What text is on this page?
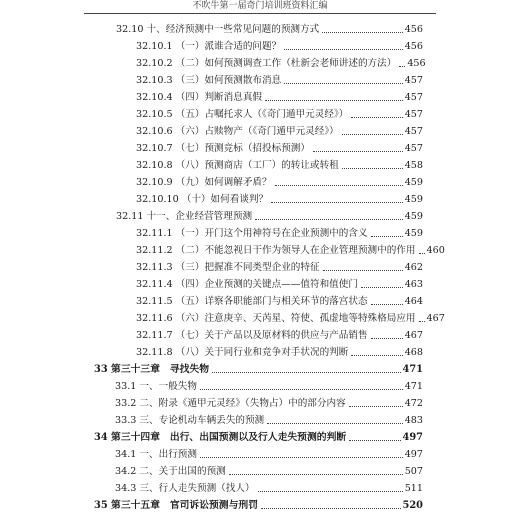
不吹牛第一届奇门培训班资料汇编
32.10 十、经济预测中一些常见问题的预测方式	456
32.10.1 （一）派谁合适的问题？	456
32.10.2 （二）如何预测调查工作（杜新会老师讲述的方法） 456
32.10.3 （三）如何预测散布消息	457
32.10.4 （四）判断消息真假	457
32.10.5 （五）占嘱托求人（《奇门遁甲元灵经》）	457
32.10.6 （六）占赎物产（《奇门遁甲元灵经》）	457
32.10.7 （七）预测竞标（招投标预测）	457
32.10.8 （八）预测商店（工厂）的转让或转租	458
32.10.9 （九）如何调解矛盾？	459
32.10.10 （十）如何看谈判？	459
32.11 十一、企业经营管理预测	459
32.11.1 （一）开门这个用神符号在企业预测中的含义	459
32.11.2 （二）不能忽视日干作为领导人在企业管理预测中的作用 460
32.11.3 （三）把握准不同类型企业的特征	462
32.11.4 （四）企业预测的关键点——值符和值使门	463
32.11.5 （五）详察各职能部门与相关环节的落宫状态	464
32.11.6 （六）注意庚辛、天芮星、符使、孤虚地等特殊格局应用 467
32.11.7 （七）关于产品以及原材料的供应与产品销售	467
32.11.8 （八）关于同行业和竞争对手状况的判断	468
33 第三十三章　寻找失物	471
33.1 一、一般失物	471
33.2 二、附录《遁甲元灵经》（失物占）中的部分内容	472
33.3 三、专论机动车辆丢失的预测	483
34 第三十四章　出行、出国预测以及行人走失预测的判断	497
34.1 一、出行预测	497
34.2 二、关于出国的预测	507
34.3 三、行人走失预测（找人）	511
35 第三十五章　官司诉讼预测与刑罚	520
